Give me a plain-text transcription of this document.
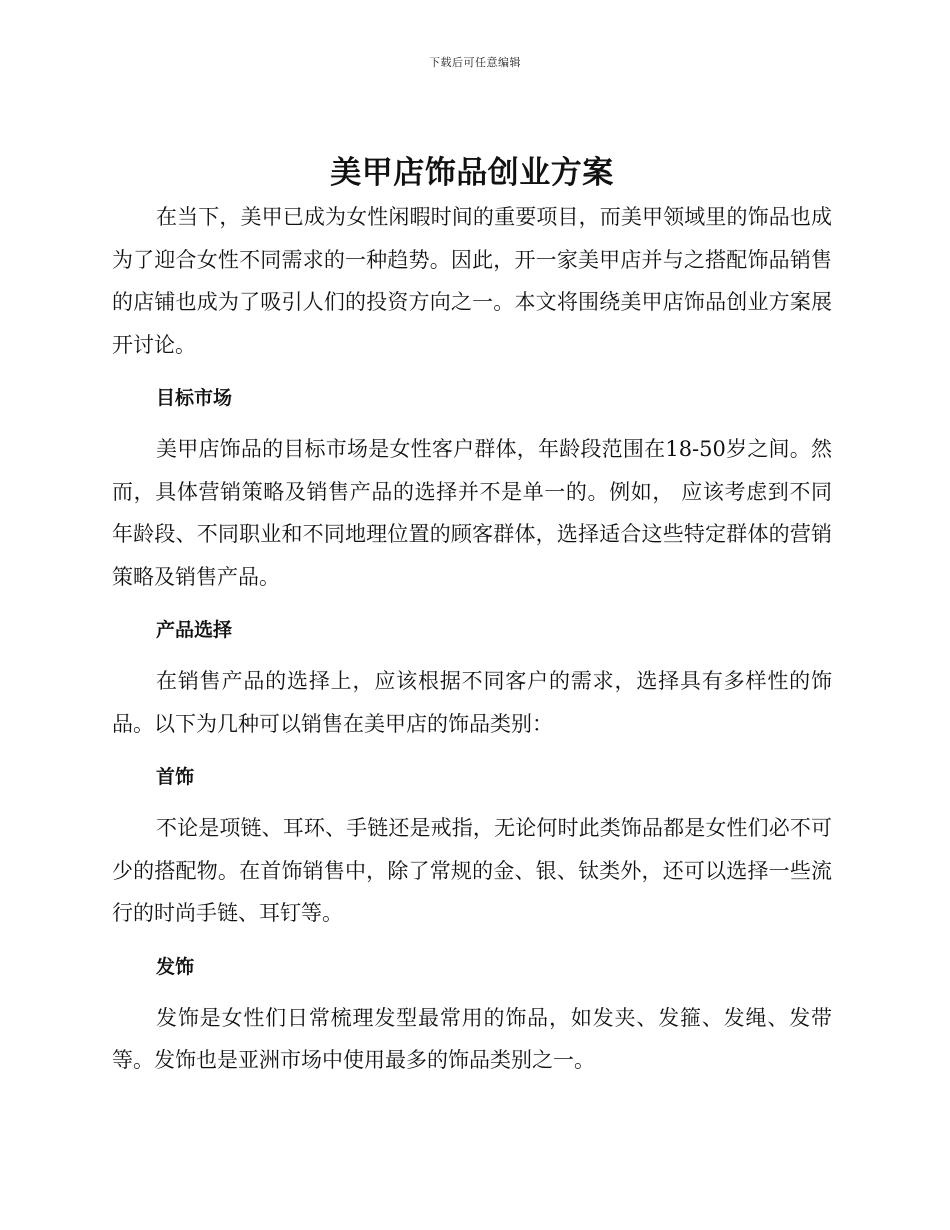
下载后可任意编辑
美甲店饰品创业方案

在当下，美甲已成为女性闲暇时间的重要项目，而美甲领域里的饰品也成为了迎合女性不同需求的一种趋势。因此，开一家美甲店并与之搭配饰品销售的店铺也成为了吸引人们的投资方向之一。本文将围绕美甲店饰品创业方案展开讨论。

目标市场

美甲店饰品的目标市场是女性客户群体，年龄段范围在18-50岁之间。然而，具体营销策略及销售产品的选择并不是单一的。例如， 应该考虑到不同年龄段、不同职业和不同地理位置的顾客群体，选择适合这些特定群体的营销策略及销售产品。

产品选择

在销售产品的选择上，应该根据不同客户的需求，选择具有多样性的饰品。以下为几种可以销售在美甲店的饰品类别：

首饰

不论是项链、耳环、手链还是戒指，无论何时此类饰品都是女性们必不可少的搭配物。在首饰销售中，除了常规的金、银、钛类外，还可以选择一些流行的时尚手链、耳钉等。

发饰

发饰是女性们日常梳理发型最常用的饰品，如发夹、发箍、发绳、发带等。发饰也是亚洲市场中使用最多的饰品类别之一。
